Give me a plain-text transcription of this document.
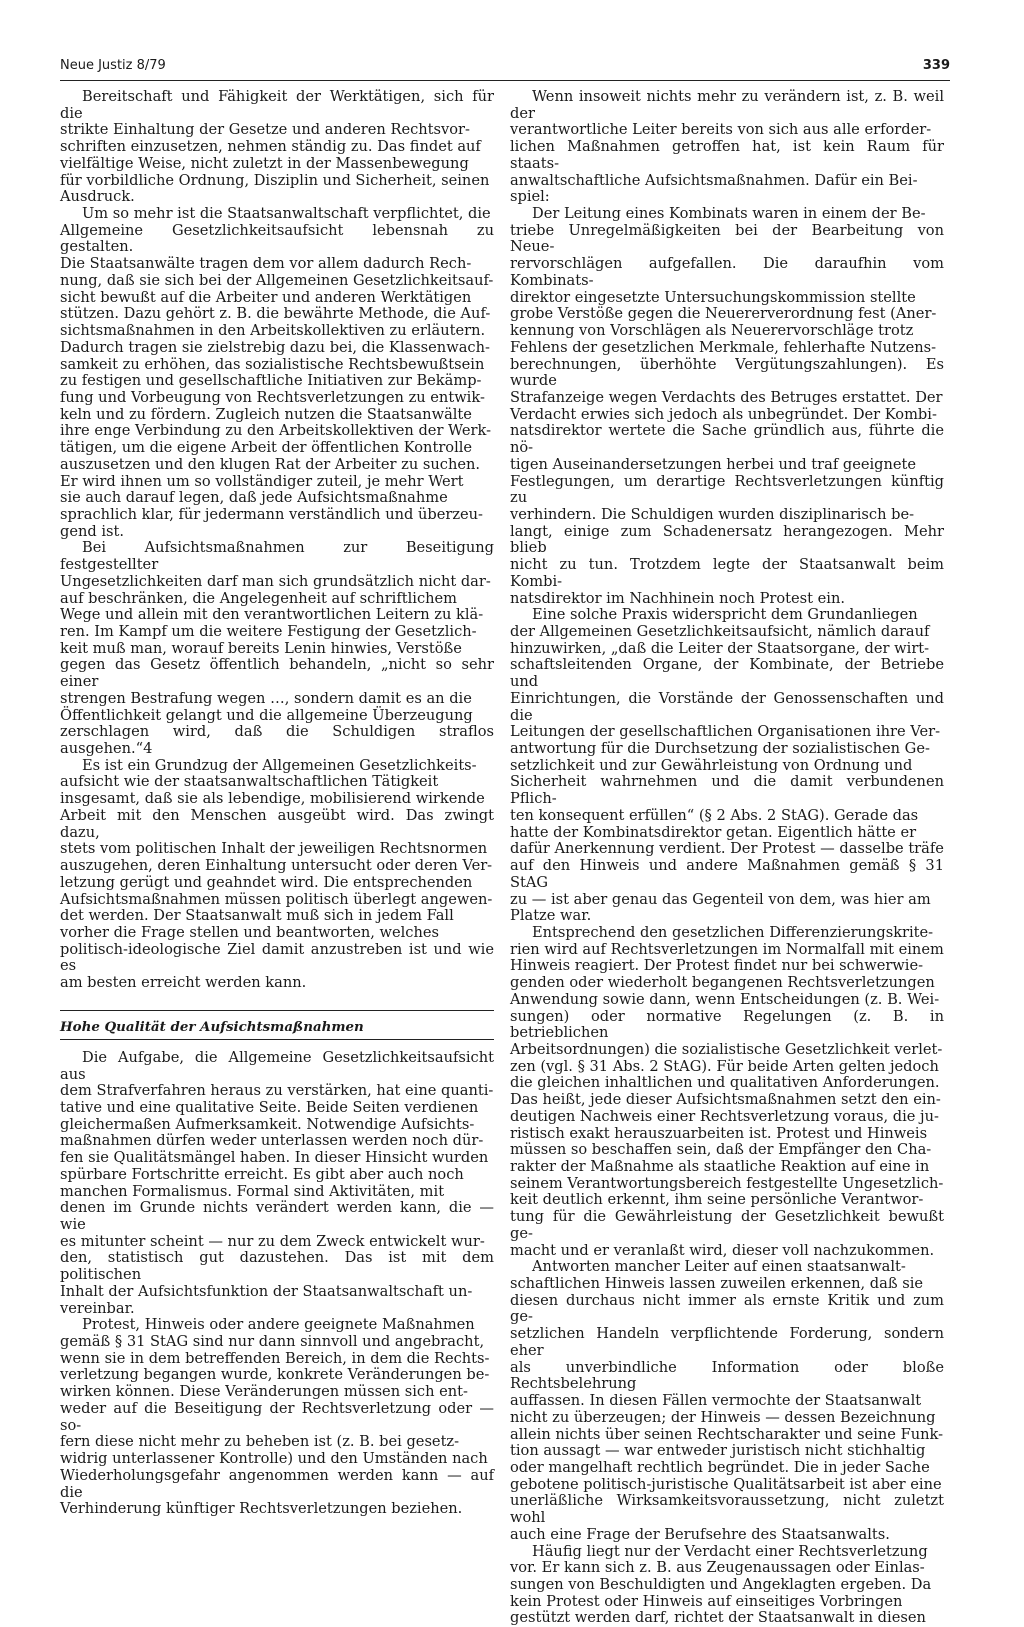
Neue Justiz 8/79	339

Bereitschaft und Fähigkeit der Werktätigen, sich für die
strikte Einhaltung der Gesetze und anderen Rechtsvor-
schriften einzusetzen, nehmen ständig zu. Das findet auf
vielfältige Weise, nicht zuletzt in der Massenbewegung
für vorbildliche Ordnung, Disziplin und Sicherheit, seinen
Ausdruck.

Um so mehr ist die Staatsanwaltschaft verpflichtet, die
Allgemeine Gesetzlichkeitsaufsicht lebensnah zu gestalten.
Die Staatsanwälte tragen dem vor allem dadurch Rech-
nung, daß sie sich bei der Allgemeinen Gesetzlichkeitsauf-
sicht bewußt auf die Arbeiter und anderen Werktätigen
stützen. Dazu gehört z. B. die bewährte Methode, die Auf-
sichtsmaßnahmen in den Arbeitskollektiven zu erläutern.
Dadurch tragen sie zielstrebig dazu bei, die Klassenwach-
samkeit zu erhöhen, das sozialistische Rechtsbewußtsein
zu festigen und gesellschaftliche Initiativen zur Bekämp-
fung und Vorbeugung von Rechtsverletzungen zu entwik-
keln und zu fördern. Zugleich nutzen die Staatsanwälte
ihre enge Verbindung zu den Arbeitskollektiven der Werk-
tätigen, um die eigene Arbeit der öffentlichen Kontrolle
auszusetzen und den klugen Rat der Arbeiter zu suchen.
Er wird ihnen um so vollständiger zuteil, je mehr Wert
sie auch darauf legen, daß jede Aufsichtsmaßnahme
sprachlich klar, für jedermann verständlich und überzeu-
gend ist.

Bei Aufsichtsmaßnahmen zur Beseitigung festgestellter
Ungesetzlichkeiten darf man sich grundsätzlich nicht dar-
auf beschränken, die Angelegenheit auf schriftlichem
Wege und allein mit den verantwortlichen Leitern zu klä-
ren. Im Kampf um die weitere Festigung der Gesetzlich-
keit muß man, worauf bereits Lenin hinwies, Verstöße
gegen das Gesetz öffentlich behandeln, „nicht so sehr einer
strengen Bestrafung wegen …, sondern damit es an die
Öffentlichkeit gelangt und die allgemeine Überzeugung
zerschlagen wird, daß die Schuldigen straflos ausgehen.“4

Es ist ein Grundzug der Allgemeinen Gesetzlichkeits-
aufsicht wie der staatsanwaltschaftlichen Tätigkeit
insgesamt, daß sie als lebendige, mobilisierend wirkende
Arbeit mit den Menschen ausgeübt wird. Das zwingt dazu,
stets vom politischen Inhalt der jeweiligen Rechtsnormen
auszugehen, deren Einhaltung untersucht oder deren Ver-
letzung gerügt und geahndet wird. Die entsprechenden
Aufsichtsmaßnahmen müssen politisch überlegt angewen-
det werden. Der Staatsanwalt muß sich in jedem Fall
vorher die Frage stellen und beantworten, welches
politisch-ideologische Ziel damit anzustreben ist und wie es
am besten erreicht werden kann.

Hohe Qualität der Aufsichtsmaßnahmen

Die Aufgabe, die Allgemeine Gesetzlichkeitsaufsicht aus
dem Strafverfahren heraus zu verstärken, hat eine quanti-
tative und eine qualitative Seite. Beide Seiten verdienen
gleichermaßen Aufmerksamkeit. Notwendige Aufsichts-
maßnahmen dürfen weder unterlassen werden noch dür-
fen sie Qualitätsmängel haben. In dieser Hinsicht wurden
spürbare Fortschritte erreicht. Es gibt aber auch noch
manchen Formalismus. Formal sind Aktivitäten, mit
denen im Grunde nichts verändert werden kann, die — wie
es mitunter scheint — nur zu dem Zweck entwickelt wur-
den, statistisch gut dazustehen. Das ist mit dem politischen
Inhalt der Aufsichtsfunktion der Staatsanwaltschaft un-
vereinbar.

Protest, Hinweis oder andere geeignete Maßnahmen
gemäß § 31 StAG sind nur dann sinnvoll und angebracht,
wenn sie in dem betreffenden Bereich, in dem die Rechts-
verletzung begangen wurde, konkrete Veränderungen be-
wirken können. Diese Veränderungen müssen sich ent-
weder auf die Beseitigung der Rechtsverletzung oder — so-
fern diese nicht mehr zu beheben ist (z. B. bei gesetz-
widrig unterlassener Kontrolle) und den Umständen nach
Wiederholungsgefahr angenommen werden kann — auf die
Verhinderung künftiger Rechtsverletzungen beziehen.

Wenn insoweit nichts mehr zu verändern ist, z. B. weil der
verantwortliche Leiter bereits von sich aus alle erforder-
lichen Maßnahmen getroffen hat, ist kein Raum für staats-
anwaltschaftliche Aufsichtsmaßnahmen. Dafür ein Bei-
spiel:

Der Leitung eines Kombinats waren in einem der Be-
triebe Unregelmäßigkeiten bei der Bearbeitung von Neue-
rervorschlägen aufgefallen. Die daraufhin vom Kombinats-
direktor eingesetzte Untersuchungskommission stellte
grobe Verstöße gegen die Neuererverordnung fest (Aner-
kennung von Vorschlägen als Neuerervorschläge trotz
Fehlens der gesetzlichen Merkmale, fehlerhafte Nutzens-
berechnungen, überhöhte Vergütungszahlungen). Es wurde
Strafanzeige wegen Verdachts des Betruges erstattet. Der
Verdacht erwies sich jedoch als unbegründet. Der Kombi-
natsdirektor wertete die Sache gründlich aus, führte die nö-
tigen Auseinandersetzungen herbei und traf geeignete
Festlegungen, um derartige Rechtsverletzungen künftig zu
verhindern. Die Schuldigen wurden disziplinarisch be-
langt, einige zum Schadenersatz herangezogen. Mehr blieb
nicht zu tun. Trotzdem legte der Staatsanwalt beim Kombi-
natsdirektor im Nachhinein noch Protest ein.

Eine solche Praxis widerspricht dem Grundanliegen
der Allgemeinen Gesetzlichkeitsaufsicht, nämlich darauf
hinzuwirken, „daß die Leiter der Staatsorgane, der wirt-
schaftsleitenden Organe, der Kombinate, der Betriebe und
Einrichtungen, die Vorstände der Genossenschaften und die
Leitungen der gesellschaftlichen Organisationen ihre Ver-
antwortung für die Durchsetzung der sozialistischen Ge-
setzlichkeit und zur Gewährleistung von Ordnung und
Sicherheit wahrnehmen und die damit verbundenen Pflich-
ten konsequent erfüllen“ (§ 2 Abs. 2 StAG). Gerade das
hatte der Kombinatsdirektor getan. Eigentlich hätte er
dafür Anerkennung verdient. Der Protest — dasselbe träfe
auf den Hinweis und andere Maßnahmen gemäß § 31 StAG
zu — ist aber genau das Gegenteil von dem, was hier am
Platze war.

Entsprechend den gesetzlichen Differenzierungskrite-
rien wird auf Rechtsverletzungen im Normalfall mit einem
Hinweis reagiert. Der Protest findet nur bei schwerwie-
genden oder wiederholt begangenen Rechtsverletzungen
Anwendung sowie dann, wenn Entscheidungen (z. B. Wei-
sungen) oder normative Regelungen (z. B. in betrieblichen
Arbeitsordnungen) die sozialistische Gesetzlichkeit verlet-
zen (vgl. § 31 Abs. 2 StAG). Für beide Arten gelten jedoch
die gleichen inhaltlichen und qualitativen Anforderungen.
Das heißt, jede dieser Aufsichtsmaßnahmen setzt den ein-
deutigen Nachweis einer Rechtsverletzung voraus, die ju-
ristisch exakt herauszuarbeiten ist. Protest und Hinweis
müssen so beschaffen sein, daß der Empfänger den Cha-
rakter der Maßnahme als staatliche Reaktion auf eine in
seinem Verantwortungsbereich festgestellte Ungesetzlich-
keit deutlich erkennt, ihm seine persönliche Verantwor-
tung für die Gewährleistung der Gesetzlichkeit bewußt ge-
macht und er veranlaßt wird, dieser voll nachzukommen.

Antworten mancher Leiter auf einen staatsanwalt-
schaftlichen Hinweis lassen zuweilen erkennen, daß sie
diesen durchaus nicht immer als ernste Kritik und zum ge-
setzlichen Handeln verpflichtende Forderung, sondern eher
als unverbindliche Information oder bloße Rechtsbelehrung
auffassen. In diesen Fällen vermochte der Staatsanwalt
nicht zu überzeugen; der Hinweis — dessen Bezeichnung
allein nichts über seinen Rechtscharakter und seine Funk-
tion aussagt — war entweder juristisch nicht stichhaltig
oder mangelhaft rechtlich begründet. Die in jeder Sache
gebotene politisch-juristische Qualitätsarbeit ist aber eine
unerläßliche Wirksamkeitsvoraussetzung, nicht zuletzt wohl
auch eine Frage der Berufsehre des Staatsanwalts.

Häufig liegt nur der Verdacht einer Rechtsverletzung
vor. Er kann sich z. B. aus Zeugenaussagen oder Einlas-
sungen von Beschuldigten und Angeklagten ergeben. Da
kein Protest oder Hinweis auf einseitiges Vorbringen
gestützt werden darf, richtet der Staatsanwalt in diesen
